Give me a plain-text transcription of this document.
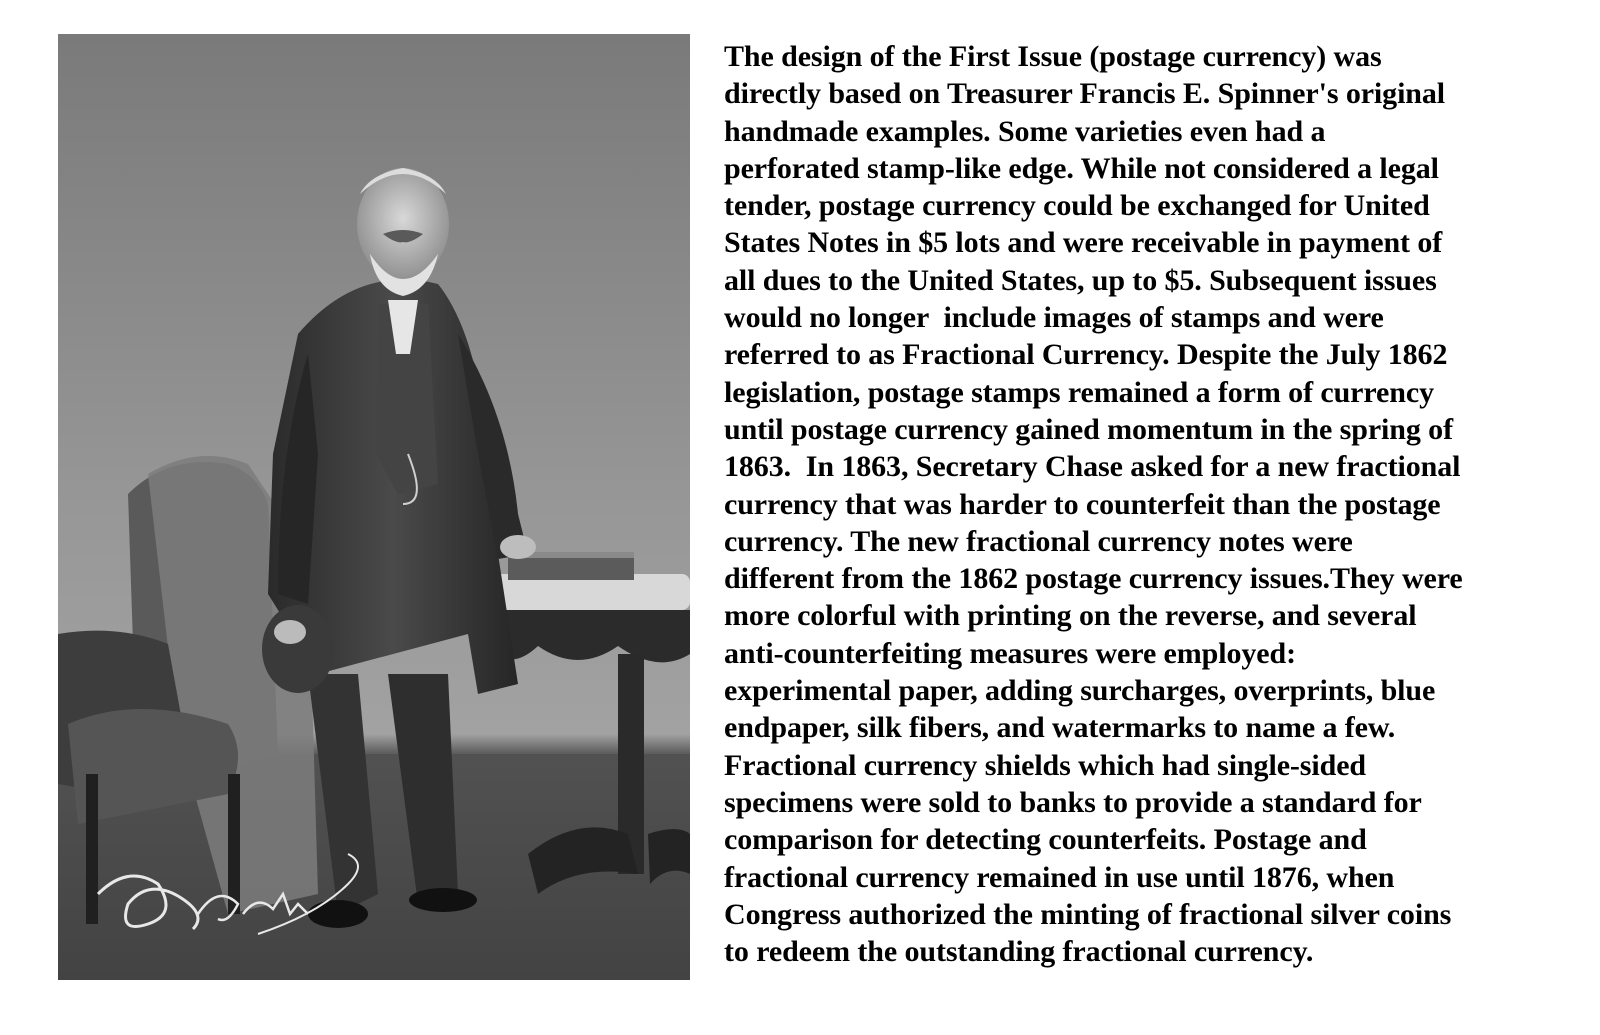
The design of the First Issue (postage currency) was
directly based on Treasurer Francis E. Spinner's original
handmade examples. Some varieties even had a
perforated stamp-like edge. While not considered a legal
tender, postage currency could be exchanged for United
States Notes in $5 lots and were receivable in payment of
all dues to the United States, up to $5. Subsequent issues
would no longer  include images of stamps and were
referred to as Fractional Currency. Despite the July 1862
legislation, postage stamps remained a form of currency
until postage currency gained momentum in the spring of
1863.  In 1863, Secretary Chase asked for a new fractional
currency that was harder to counterfeit than the postage
currency. The new fractional currency notes were
different from the 1862 postage currency issues.They were
more colorful with printing on the reverse, and several
anti-counterfeiting measures were employed:
experimental paper, adding surcharges, overprints, blue
endpaper, silk fibers, and watermarks to name a few.
Fractional currency shields which had single-sided
specimens were sold to banks to provide a standard for
comparison for detecting counterfeits. Postage and
fractional currency remained in use until 1876, when
Congress authorized the minting of fractional silver coins
to redeem the outstanding fractional currency.
